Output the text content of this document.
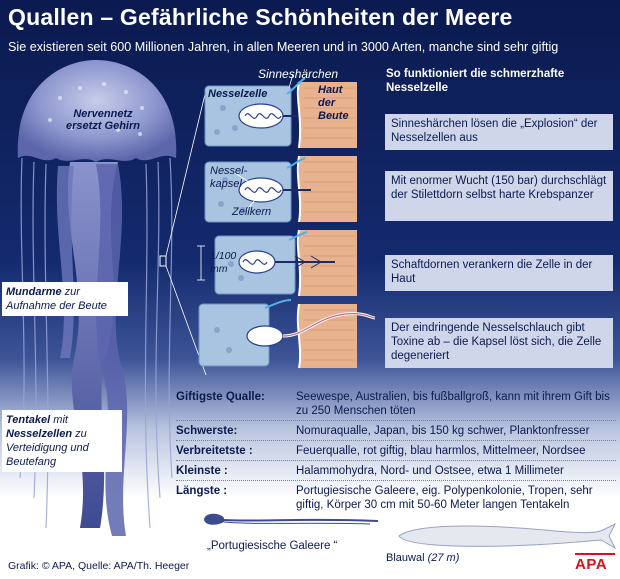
Quallen – Gefährliche Schönheiten der Meere
Sie existieren seit 600 Millionen Jahren, in allen Meeren und in 3000 Arten, manche sind sehr giftig
Nervennetz ersetzt Gehirn
Mundarme zur Aufnahme der Beute
Tentakel mit Nesselzellen zu Verteidigung und Beutefang
Sinneshärchen
Nesselzelle	Haut der Beute
Nessel-kapsel
Zellkern
1/100 mm
So funktioniert die schmerzhafte Nesselzelle
Sinneshärchen lösen die „Explosion“ der Nesselzellen aus
Mit enormer Wucht (150 bar) durchschlägt der Stilettdorn selbst harte Krebspanzer
Schaftdornen verankern die Zelle in der Haut
Der eindringende Nesselschlauch gibt Toxine ab – die Kapsel löst sich, die Zelle degeneriert
Giftigste Qualle:	Seewespe, Australien, bis fußballgroß, kann mit ihrem Gift bis zu 250 Menschen töten
Schwerste:	Nomuraqualle, Japan, bis 150 kg schwer, Planktonfresser
Verbreitetste :	Feuerqualle, rot giftig, blau harmlos, Mittelmeer, Nordsee
Kleinste :	Halammohydra, Nord- und Ostsee, etwa 1 Millimeter
Längste :	Portugiesische Galeere, eig. Polypenkolonie, Tropen, sehr giftig, Körper 30 cm mit 50-60 Meter langen Tentakeln
„Portugiesische Galeere “
Blauwal (27 m)
Grafik: © APA, Quelle: APA/Th. Heeger	APA
